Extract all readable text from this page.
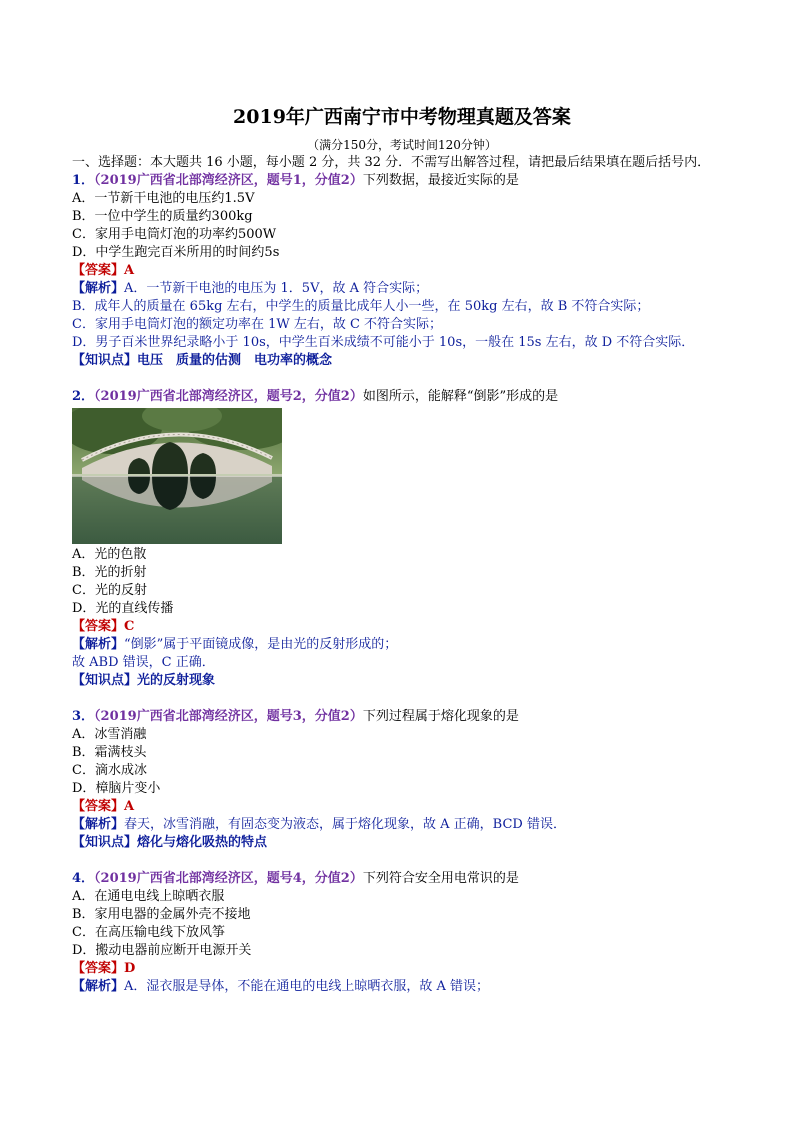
2019年广西南宁市中考物理真题及答案
（满分150分，考试时间120分钟）
一、选择题：本大题共 16 小题，每小题 2 分，共 32 分．不需写出解答过程，请把最后结果填在题后括号内．
1．（2019广西省北部湾经济区，题号1，分值2）下列数据，最接近实际的是
A．一节新干电池的电压约1.5V
B．一位中学生的质量约300kg
C．家用手电筒灯泡的功率约500W
D．中学生跑完百米所用的时间约5s
【答案】A
【解析】A．一节新干电池的电压为 1．5V，故 A 符合实际；
B．成年人的质量在 65kg 左右，中学生的质量比成年人小一些，在 50kg 左右，故 B 不符合实际；
C．家用手电筒灯泡的额定功率在 1W 左右，故 C 不符合实际；
D．男子百米世界纪录略小于 10s，中学生百米成绩不可能小于 10s，一般在 15s 左右，故 D 不符合实际．
【知识点】电压　质量的估测　电功率的概念
2．（2019广西省北部湾经济区，题号2，分值2）如图所示，能解释“倒影”形成的是
A．光的色散
B．光的折射
C．光的反射
D．光的直线传播
【答案】C
【解析】“倒影”属于平面镜成像，是由光的反射形成的；
故 ABD 错误，C 正确．
【知识点】光的反射现象
3．（2019广西省北部湾经济区，题号3，分值2）下列过程属于熔化现象的是
A．冰雪消融
B．霜满枝头
C．滴水成冰
D．樟脑片变小
【答案】A
【解析】春天，冰雪消融，有固态变为液态，属于熔化现象，故 A 正确，BCD 错误．
【知识点】熔化与熔化吸热的特点
4．（2019广西省北部湾经济区，题号4，分值2）下列符合安全用电常识的是
A．在通电电线上晾晒衣服
B．家用电器的金属外壳不接地
C．在高压输电线下放风筝
D．搬动电器前应断开电源开关
【答案】D
【解析】A．湿衣服是导体，不能在通电的电线上晾晒衣服，故 A 错误；
